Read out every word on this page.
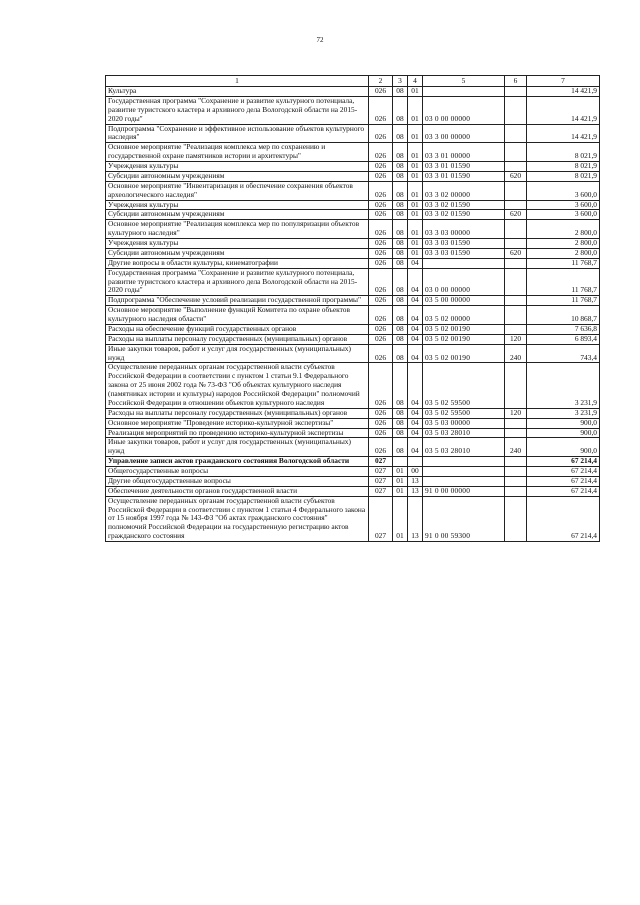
72
1	2	3	4	5	6	7
Культура	026	08	01			14 421,9
Государственная программа "Сохранение и развитие культурного потенциала, развитие туристского кластера и архивного дела Вологодской области на 2015-2020 годы"	026	08	01	03 0 00 00000		14 421,9
Подпрограмма "Сохранение и эффективное использование объектов культурного наследия"	026	08	01	03 3 00 00000		14 421,9
Основное мероприятие "Реализация комплекса мер по сохранению и государственной охране памятников истории и архитектуры"	026	08	01	03 3 01 00000		8 021,9
Учреждения культуры	026	08	01	03 3 01 01590		8 021,9
Субсидии автономным учреждениям	026	08	01	03 3 01 01590	620	8 021,9
Основное мероприятие "Инвентаризация и обеспечение сохранения объектов археологического наследия"	026	08	01	03 3 02 00000		3 600,0
Учреждения культуры	026	08	01	03 3 02 01590		3 600,0
Субсидии автономным учреждениям	026	08	01	03 3 02 01590	620	3 600,0
Основное мероприятие "Реализация комплекса мер по популяризации объектов культурного наследия"	026	08	01	03 3 03 00000		2 800,0
Учреждения культуры	026	08	01	03 3 03 01590		2 800,0
Субсидии автономным учреждениям	026	08	01	03 3 03 01590	620	2 800,0
Другие вопросы в области культуры, кинематографии	026	08	04			11 768,7
Государственная программа "Сохранение и развитие культурного потенциала, развитие туристского кластера и архивного дела Вологодской области на 2015-2020 годы"	026	08	04	03 0 00 00000		11 768,7
Подпрограмма "Обеспечение условий реализации государственной программы"	026	08	04	03 5 00 00000		11 768,7
Основное мероприятие "Выполнение функций Комитета по охране объектов культурного наследия области"	026	08	04	03 5 02 00000		10 868,7
Расходы на обеспечение функций государственных органов	026	08	04	03 5 02 00190		7 636,8
Расходы на выплаты персоналу государственных (муниципальных) органов	026	08	04	03 5 02 00190	120	6 893,4
Иные закупки товаров, работ и услуг для государственных (муниципальных) нужд	026	08	04	03 5 02 00190	240	743,4
Осуществление переданных органам государственной власти субъектов Российской Федерации в соответствии с пунктом 1 статьи 9.1 Федерального закона от 25 июня 2002 года № 73-ФЗ "Об объектах культурного наследия (памятниках истории и культуры) народов Российской Федерации" полномочий Российской Федерации в отношении объектов культурного наследия	026	08	04	03 5 02 59500		3 231,9
Расходы на выплаты персоналу государственных (муниципальных) органов	026	08	04	03 5 02 59500	120	3 231,9
Основное мероприятие "Проведение историко-культурной экспертизы"	026	08	04	03 5 03 00000		900,0
Реализация мероприятий по проведению историко-культурной экспертизы	026	08	04	03 5 03 28010		900,0
Иные закупки товаров, работ и услуг для государственных (муниципальных) нужд	026	08	04	03 5 03 28010	240	900,0
Управление записи актов гражданского состояния Вологодской области	027					67 214,4
Общегосударственные вопросы	027	01	00			67 214,4
Другие общегосударственные вопросы	027	01	13			67 214,4
Обеспечение деятельности органов государственной власти	027	01	13	91 0 00 00000		67 214,4
Осуществление переданных органам государственной власти субъектов Российской Федерации в соответствии с пунктом 1 статьи 4 Федерального закона от 15 ноября 1997 года № 143-ФЗ "Об актах гражданского состояния" полномочий Российской Федерации на государственную регистрацию актов гражданского состояния	027	01	13	91 0 00 59300		67 214,4
